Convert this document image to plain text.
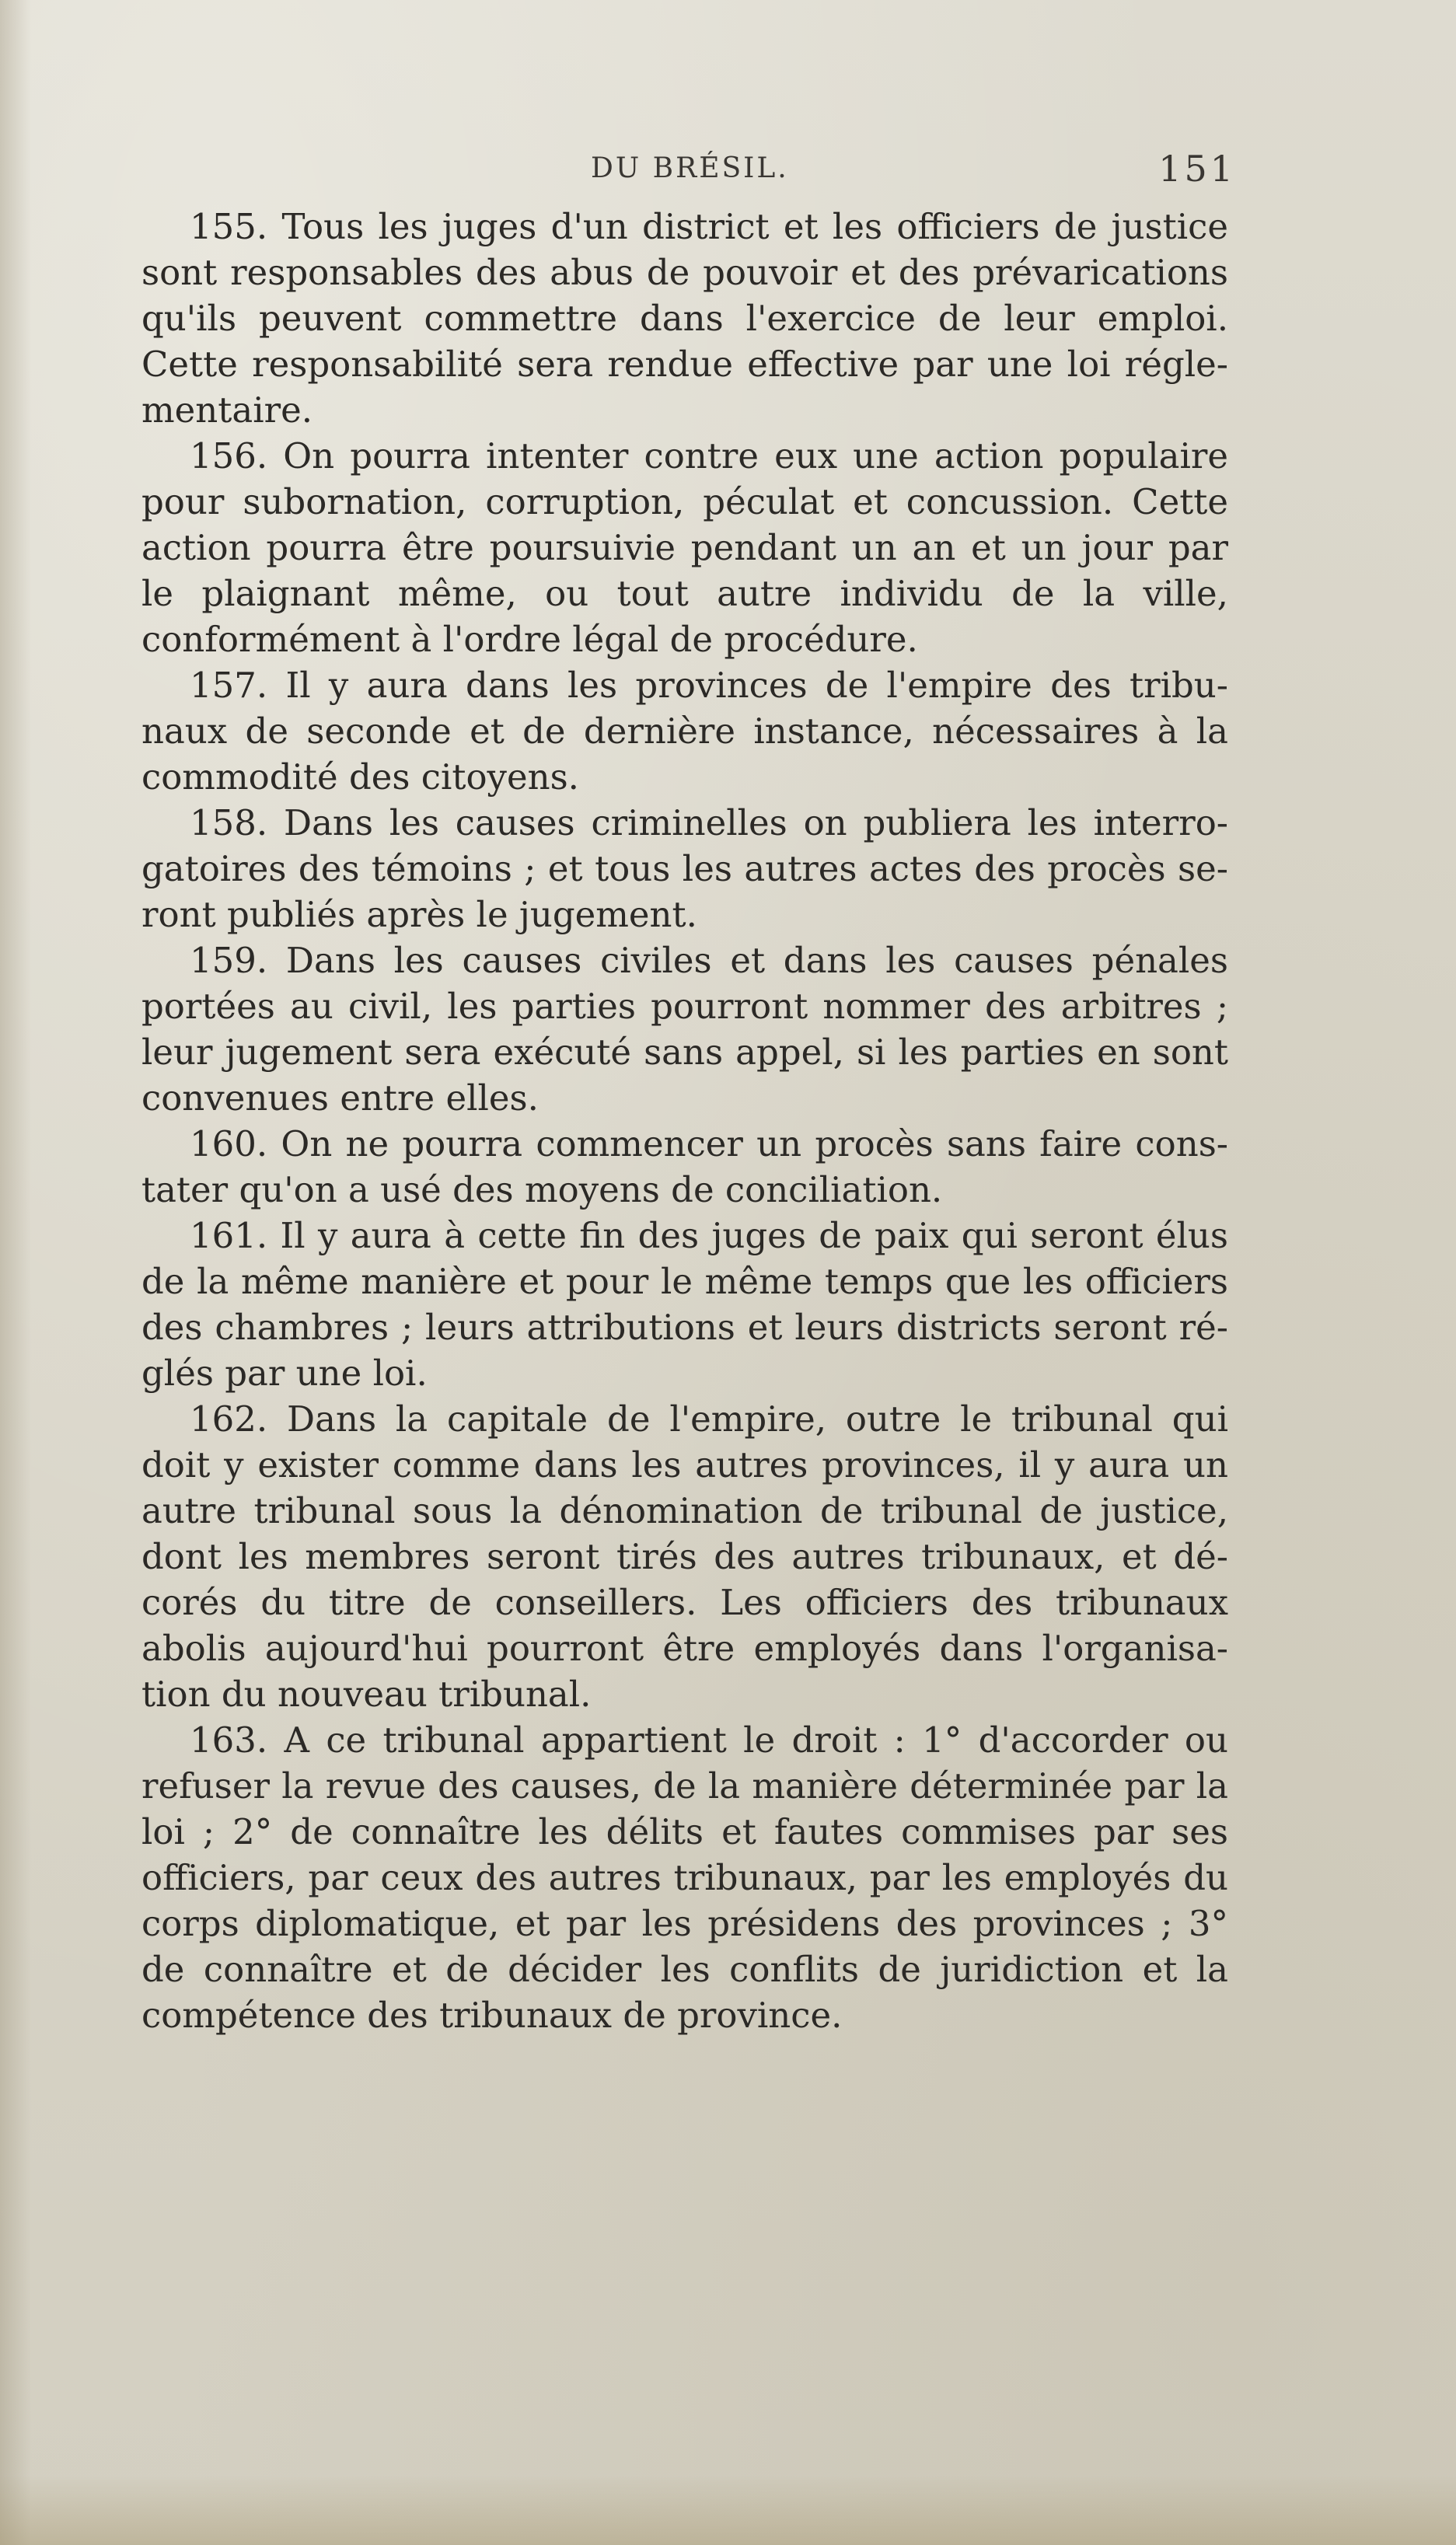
DU BRÉSIL.	151

155. Tous les juges d'un district et les officiers de justice sont responsables des abus de pouvoir et des prévarications qu'ils peuvent commettre dans l'exercice de leur emploi. Cette responsabilité sera rendue effective par une loi régle-mentaire.

156. On pourra intenter contre eux une action populaire pour subornation, corruption, péculat et concussion. Cette action pourra être poursuivie pendant un an et un jour par le plaignant même, ou tout autre individu de la ville, conformément à l'ordre légal de procédure.

157. Il y aura dans les provinces de l'empire des tribu-naux de seconde et de dernière instance, nécessaires à la commodité des citoyens.

158. Dans les causes criminelles on publiera les interro-gatoires des témoins ; et tous les autres actes des procès se-ront publiés après le jugement.

159. Dans les causes civiles et dans les causes pénales portées au civil, les parties pourront nommer des arbitres ; leur jugement sera exécuté sans appel, si les parties en sont convenues entre elles.

160. On ne pourra commencer un procès sans faire cons-tater qu'on a usé des moyens de conciliation.

161. Il y aura à cette fin des juges de paix qui seront élus de la même manière et pour le même temps que les officiers des chambres ; leurs attributions et leurs districts seront ré-glés par une loi.

162. Dans la capitale de l'empire, outre le tribunal qui doit y exister comme dans les autres provinces, il y aura un autre tribunal sous la dénomination de tribunal de justice, dont les membres seront tirés des autres tribunaux, et dé-corés du titre de conseillers. Les officiers des tribunaux abolis aujourd'hui pourront être employés dans l'organisa-tion du nouveau tribunal.

163. A ce tribunal appartient le droit : 1° d'accorder ou refuser la revue des causes, de la manière déterminée par la loi ; 2° de connaître les délits et fautes commises par ses officiers, par ceux des autres tribunaux, par les employés du corps diplomatique, et par les présidens des provinces ; 3° de connaître et de décider les conflits de juridiction et la compétence des tribunaux de province.
